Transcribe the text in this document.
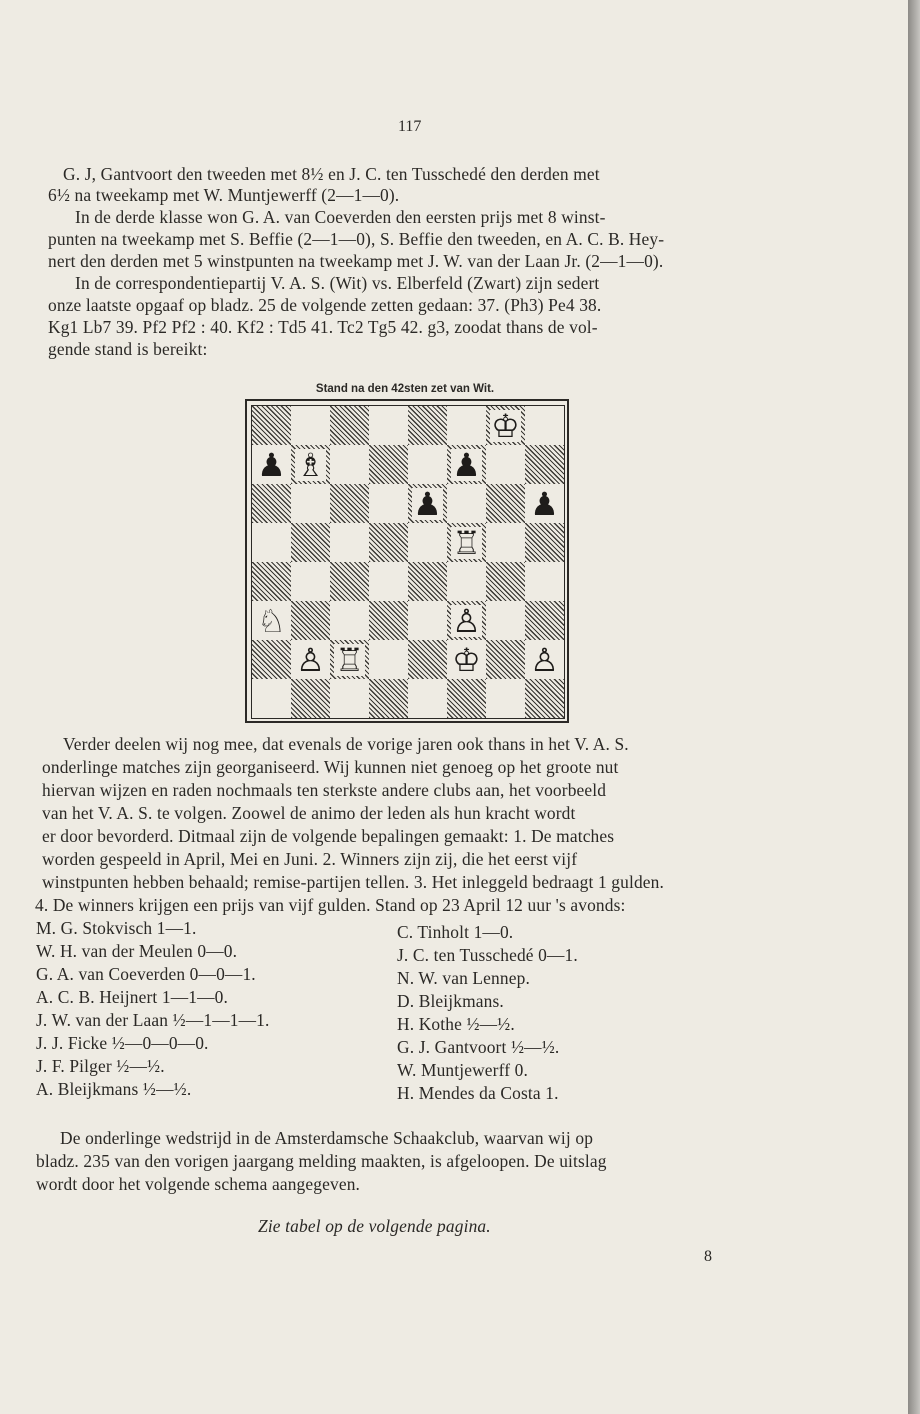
117
G. J, Gantvoort den tweeden met 8½ en J. C. ten Tusschedé den derden met
6½ na tweekamp met W. Muntjewerff (2—1—0).
In de derde klasse won G. A. van Coeverden den eersten prijs met 8 winst-
punten na tweekamp met S. Beffie (2—1—0), S. Beffie den tweeden, en A. C. B. Hey-
nert den derden met 5 winstpunten na tweekamp met J. W. van der Laan Jr. (2—1—0).
In de correspondentiepartij V. A. S. (Wit) vs. Elberfeld (Zwart) zijn sedert
onze laatste opgaaf op bladz. 25 de volgende zetten gedaan: 37. (Ph3) Pe4 38.
Kg1 Lb7 39. Pf2 Pf2 : 40. Kf2 : Td5 41. Tc2 Tg5 42. g3, zoodat thans de vol-
gende stand is bereikt:
Stand na den 42sten zet van Wit.
♔
♟ ♗	♟
♟	♟
♖
♘	♙
♙ ♖	♔ ♙
Verder deelen wij nog mee, dat evenals de vorige jaren ook thans in het V. A. S.
onderlinge matches zijn georganiseerd. Wij kunnen niet genoeg op het groote nut
hiervan wijzen en raden nochmaals ten sterkste andere clubs aan, het voorbeeld
van het V. A. S. te volgen. Zoowel de animo der leden als hun kracht wordt
er door bevorderd. Ditmaal zijn de volgende bepalingen gemaakt: 1. De matches
worden gespeeld in April, Mei en Juni. 2. Winners zijn zij, die het eerst vijf
winstpunten hebben behaald; remise-partijen tellen. 3. Het inleggeld bedraagt 1 gulden.
4. De winners krijgen een prijs van vijf gulden. Stand op 23 April 12 uur 's avonds:
M. G. Stokvisch 1—1.
W. H. van der Meulen 0—0.
G. A. van Coeverden 0—0—1.
A. C. B. Heijnert 1—1—0.
J. W. van der Laan ½—1—1—1.
J. J. Ficke ½—0—0—0.
J. F. Pilger ½—½.
A. Bleijkmans ½—½.
C. Tinholt 1—0.
J. C. ten Tusschedé 0—1.
N. W. van Lennep.
D. Bleijkmans.
H. Kothe ½—½.
G. J. Gantvoort ½—½.
W. Muntjewerff 0.
H. Mendes da Costa 1.
De onderlinge wedstrijd in de Amsterdamsche Schaakclub, waarvan wij op
bladz. 235 van den vorigen jaargang melding maakten, is afgeloopen. De uitslag
wordt door het volgende schema aangegeven.
Zie tabel op de volgende pagina.
8
